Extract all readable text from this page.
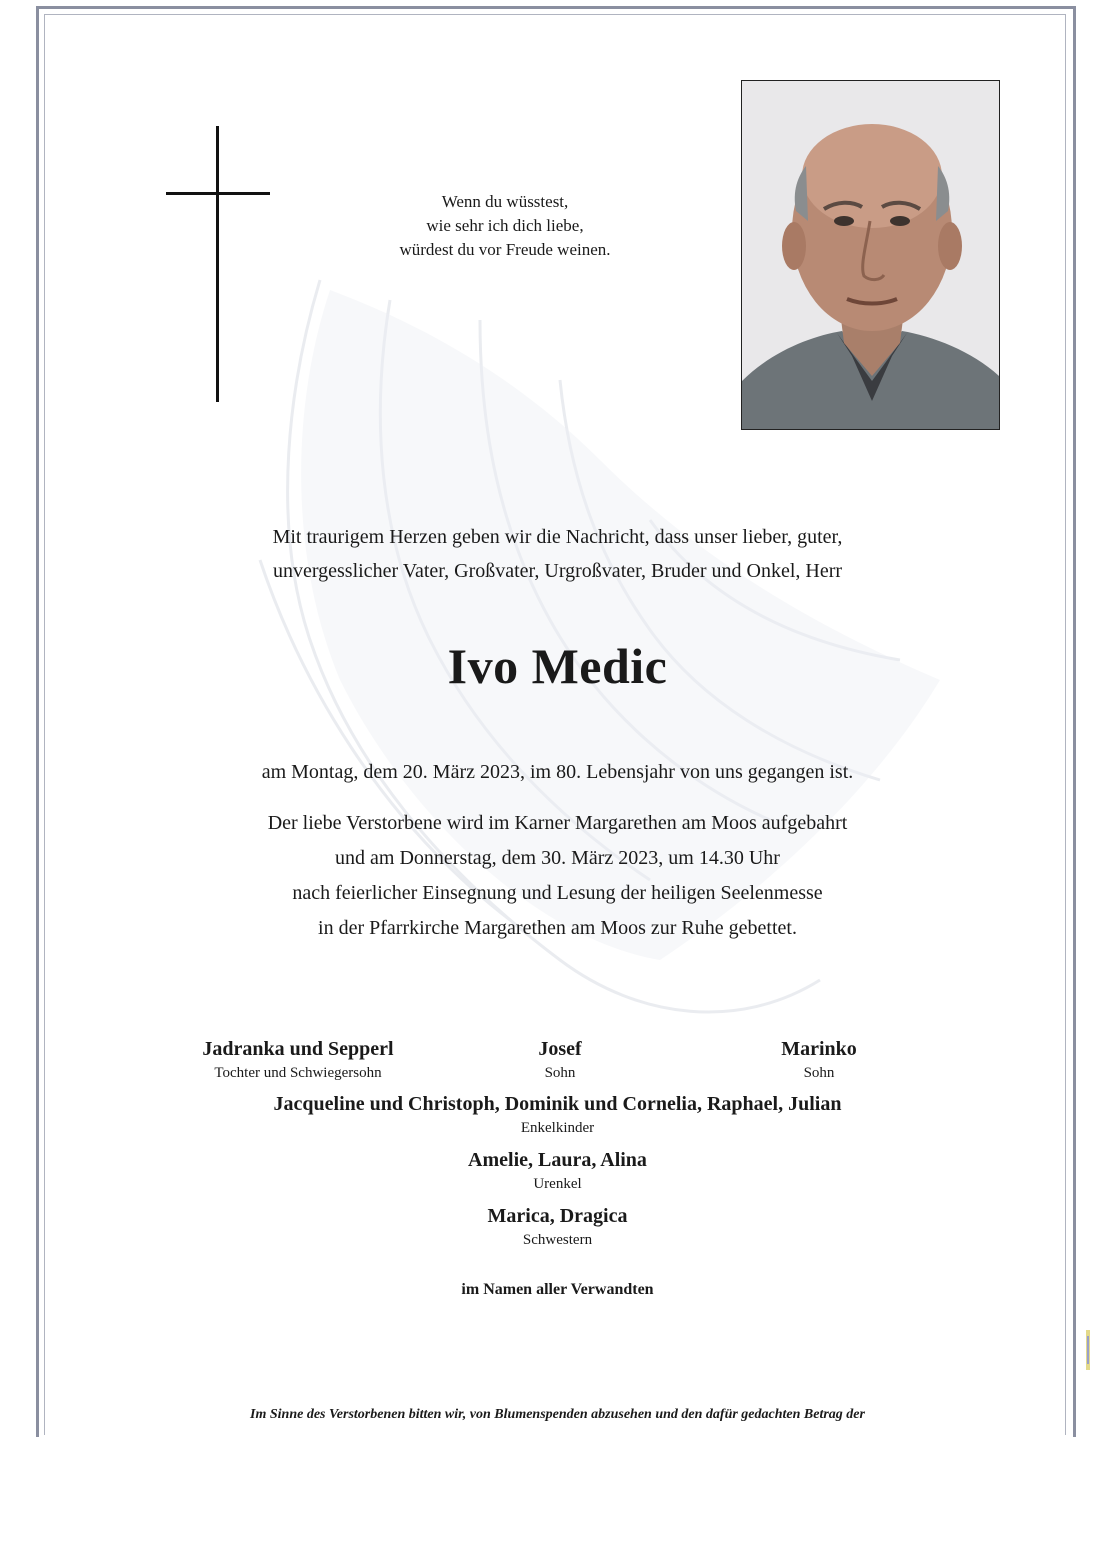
Wenn du wüsstest,
wie sehr ich dich liebe,
würdest du vor Freude weinen.
Mit traurigem Herzen geben wir die Nachricht, dass unser lieber, guter,
unvergesslicher Vater, Großvater, Urgroßvater, Bruder und Onkel, Herr
Ivo Medic
am Montag, dem 20. März 2023, im 80. Lebensjahr von uns gegangen ist.
Der liebe Verstorbene wird im Karner Margarethen am Moos aufgebahrt
und am Donnerstag, dem 30. März 2023, um 14.30 Uhr
nach feierlicher Einsegnung und Lesung der heiligen Seelenmesse
in der Pfarrkirche Margarethen am Moos zur Ruhe gebettet.
Jadranka und Sepperl
Tochter und Schwiegersohn
Josef
Sohn
Marinko
Sohn
Jacqueline und Christoph, Dominik und Cornelia, Raphael, Julian
Enkelkinder
Amelie, Laura, Alina
Urenkel
Marica, Dragica
Schwestern
im Namen aller Verwandten
Im Sinne des Verstorbenen bitten wir, von Blumenspenden abzusehen und den dafür gedachten Betrag der
